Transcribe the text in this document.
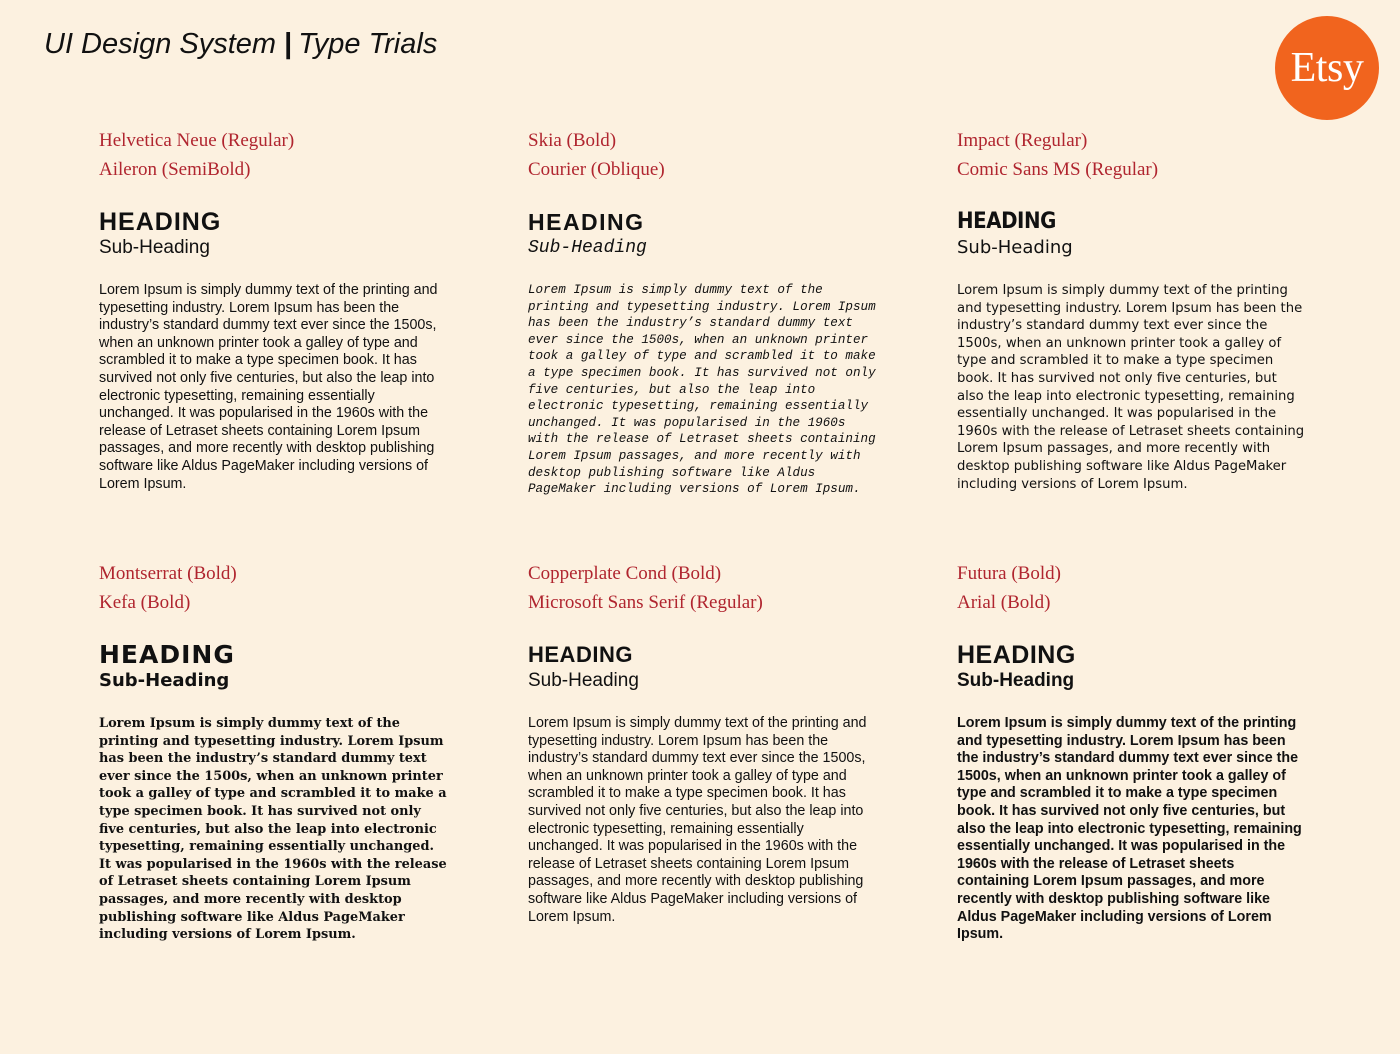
UI Design System | Type Trials
Etsy
Helvetica Neue (Regular)
Aileron (SemiBold)
HEADING
Sub-Heading
Lorem Ipsum is simply dummy text of the printing and typesetting industry. Lorem Ipsum has been the industry’s standard dummy text ever since the 1500s, when an unknown printer took a galley of type and scrambled it to make a type specimen book. It has survived not only five centuries, but also the leap into electronic typesetting, remaining essentially unchanged. It was popularised in the 1960s with the release of Letraset sheets containing Lorem Ipsum passages, and more recently with desktop publishing software like Aldus PageMaker including versions of Lorem Ipsum.
Skia (Bold)
Courier (Oblique)
HEADING
Sub-Heading
Lorem Ipsum is simply dummy text of the printing and typesetting industry. Lorem Ipsum has been the industry’s standard dummy text ever since the 1500s, when an unknown printer took a galley of type and scrambled it to make a type specimen book. It has survived not only five centuries, but also the leap into electronic typesetting, remaining essentially unchanged. It was popularised in the 1960s with the release of Letraset sheets containing Lorem Ipsum passages, and more recently with desktop publishing software like Aldus PageMaker including versions of Lorem Ipsum.
Impact (Regular)
Comic Sans MS (Regular)
HEADING
Sub-Heading
Lorem Ipsum is simply dummy text of the printing and typesetting industry. Lorem Ipsum has been the industry’s standard dummy text ever since the 1500s, when an unknown printer took a galley of type and scrambled it to make a type specimen book. It has survived not only five centuries, but also the leap into electronic typesetting, remaining essentially unchanged. It was popularised in the 1960s with the release of Letraset sheets containing Lorem Ipsum passages, and more recently with desktop publishing software like Aldus PageMaker including versions of Lorem Ipsum.
Montserrat (Bold)
Kefa (Bold)
HEADING
Sub-Heading
Lorem Ipsum is simply dummy text of the printing and typesetting industry. Lorem Ipsum has been the industry’s standard dummy text ever since the 1500s, when an unknown printer took a galley of type and scrambled it to make a type specimen book. It has survived not only five centuries, but also the leap into electronic typesetting, remaining essentially unchanged. It was popularised in the 1960s with the release of Letraset sheets containing Lorem Ipsum passages, and more recently with desktop publishing software like Aldus PageMaker including versions of Lorem Ipsum.
Copperplate Cond (Bold)
Microsoft Sans Serif (Regular)
HEADING
Sub-Heading
Lorem Ipsum is simply dummy text of the printing and typesetting industry. Lorem Ipsum has been the industry’s standard dummy text ever since the 1500s, when an unknown printer took a galley of type and scrambled it to make a type specimen book. It has survived not only five centuries, but also the leap into electronic typesetting, remaining essentially unchanged. It was popularised in the 1960s with the release of Letraset sheets containing Lorem Ipsum passages, and more recently with desktop publishing software like Aldus PageMaker including versions of Lorem Ipsum.
Futura (Bold)
Arial (Bold)
HEADING
Sub-Heading
Lorem Ipsum is simply dummy text of the printing and typesetting industry. Lorem Ipsum has been the industry’s standard dummy text ever since the 1500s, when an unknown printer took a galley of type and scrambled it to make a type specimen book. It has survived not only five centuries, but also the leap into electronic typesetting, remaining essentially unchanged. It was popularised in the 1960s with the release of Letraset sheets containing Lorem Ipsum passages, and more recently with desktop publishing software like Aldus PageMaker including versions of Lorem Ipsum.
